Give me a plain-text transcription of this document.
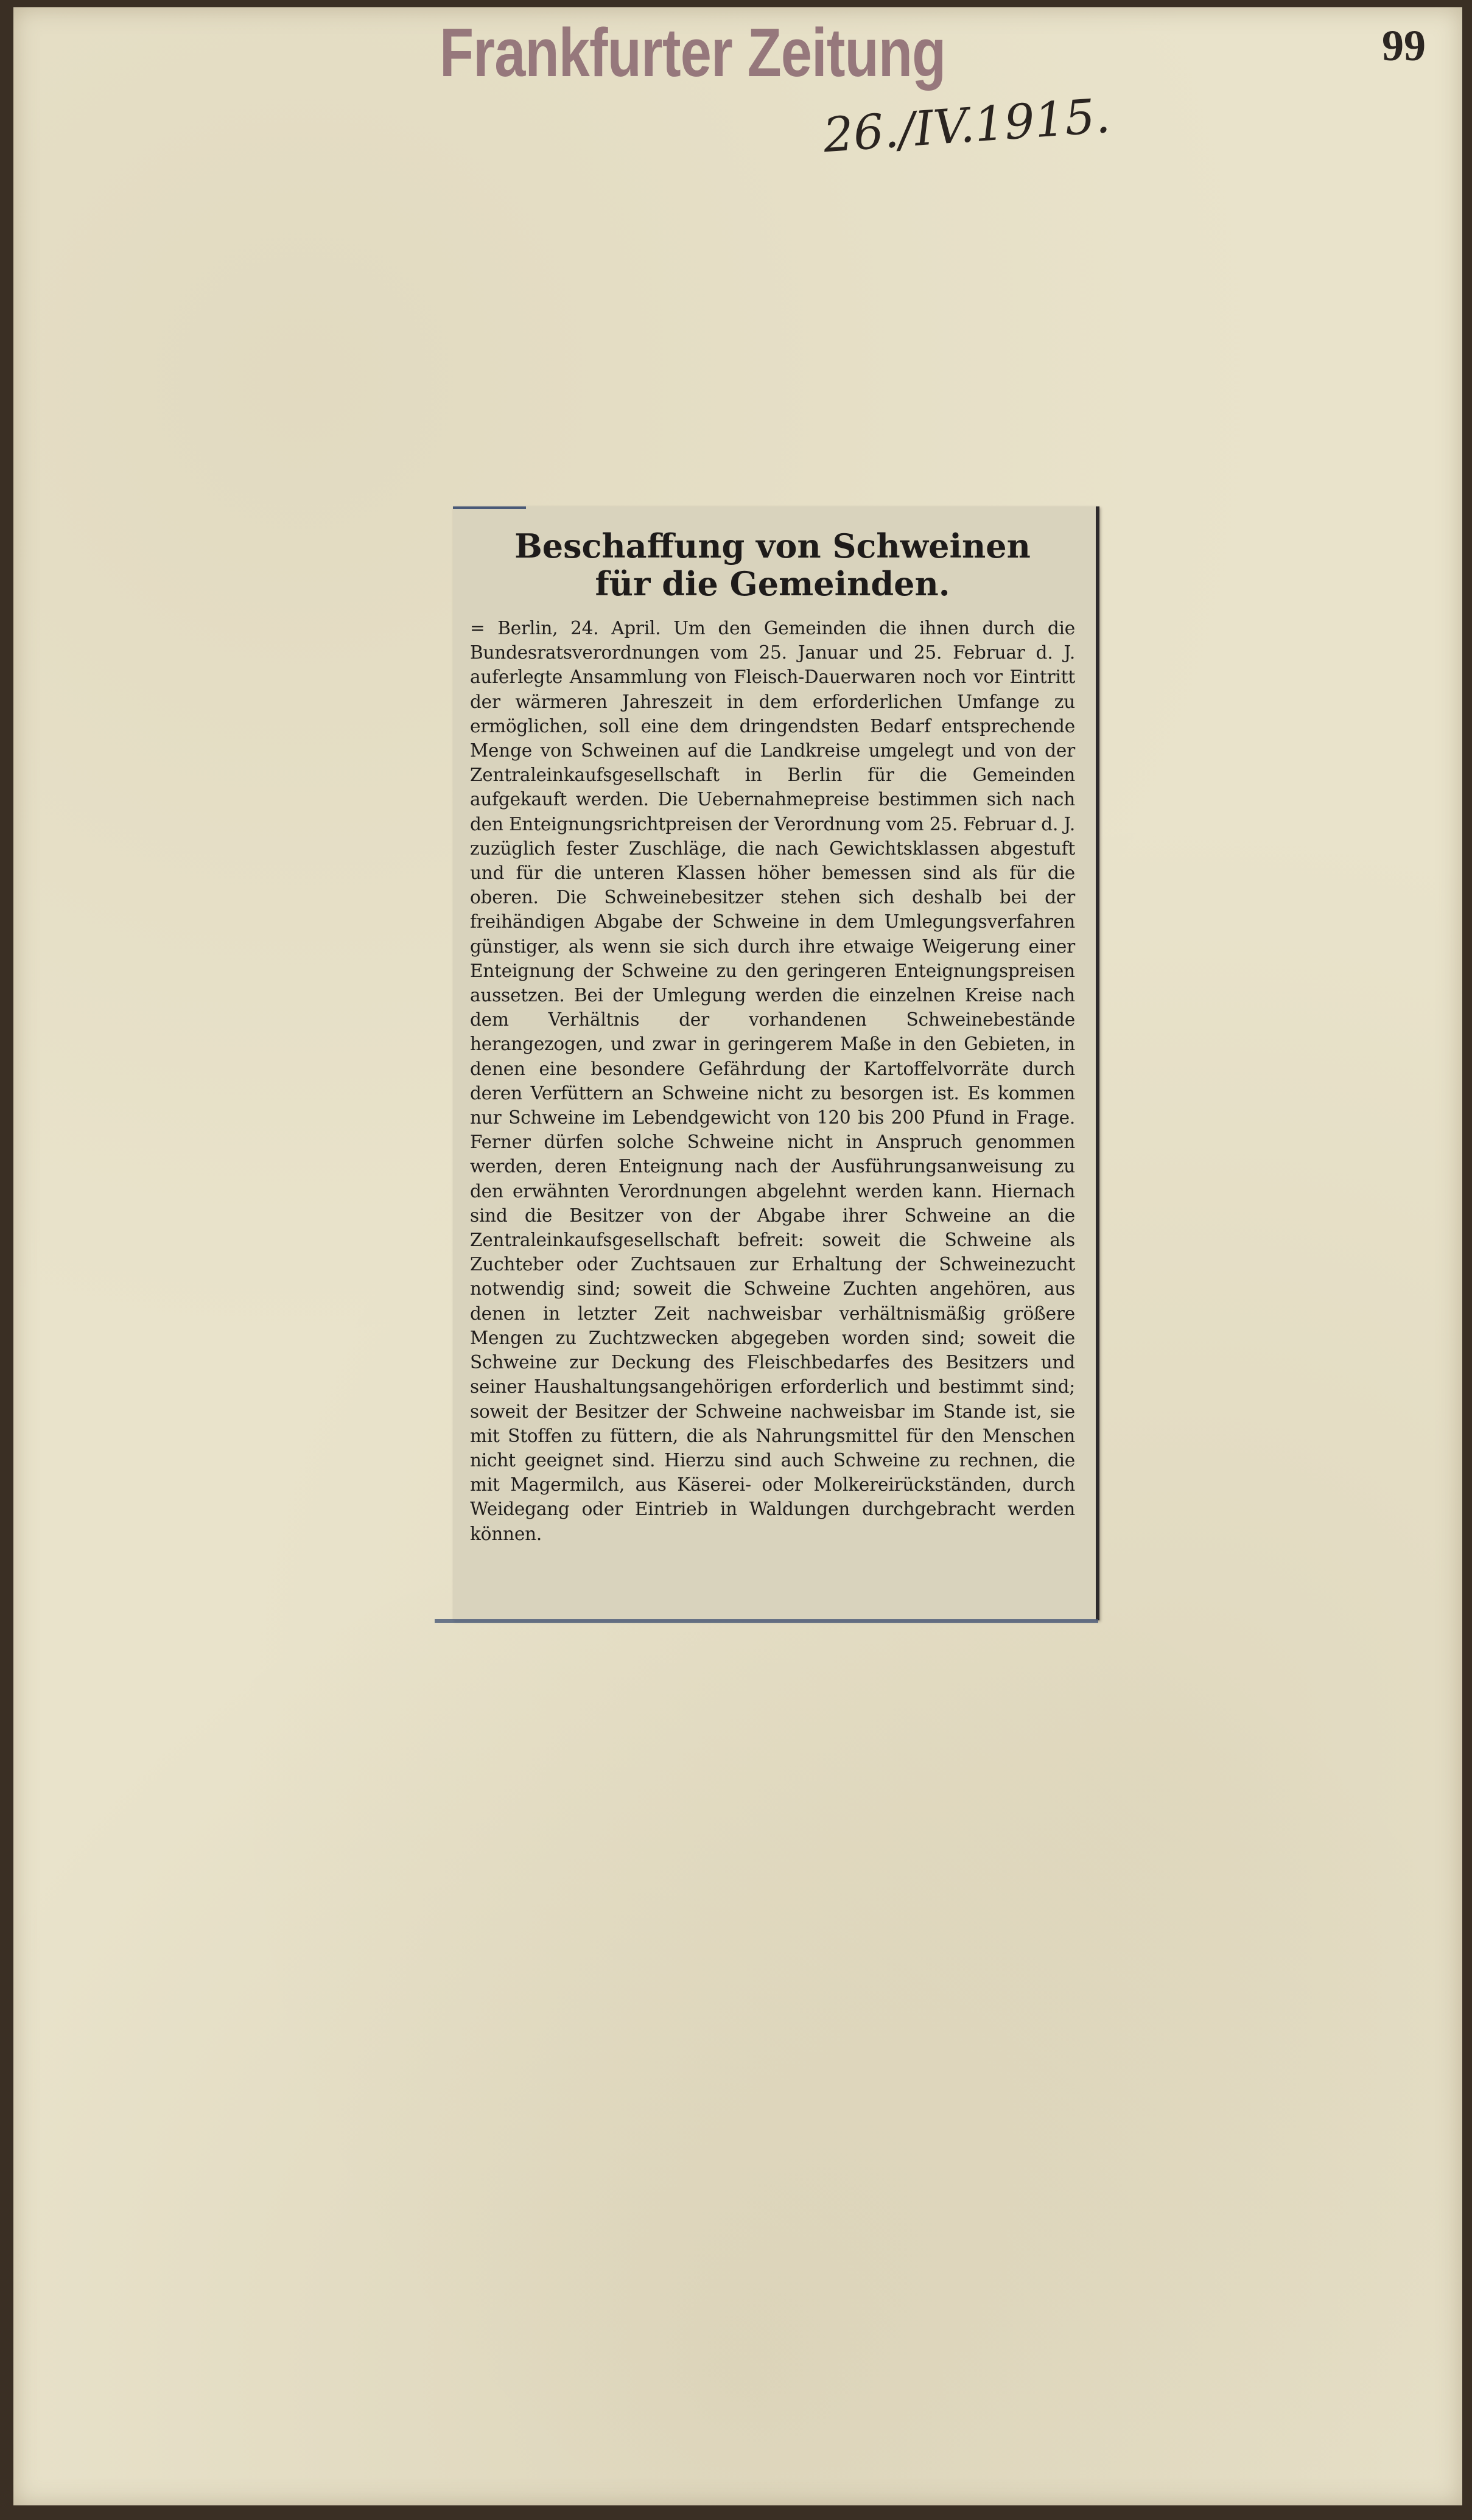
Frankfurter Zeitung	99
26./IV.1915.
Beschaffung von Schweinen
für die Gemeinden.
= Berlin, 24. April. Um den Gemeinden die ihnen durch die Bundesratsverordnungen vom 25. Januar und 25. Februar d. J. auferlegte Ansammlung von Fleisch-Dauerwaren noch vor Eintritt der wärmeren Jahreszeit in dem erforderlichen Umfange zu ermöglichen, soll eine dem dringendsten Bedarf entsprechende Menge von Schweinen auf die Landkreise umgelegt und von der Zentraleinkaufsgesellschaft in Berlin für die Gemeinden aufgekauft werden. Die Uebernahmepreise bestimmen sich nach den Enteignungsrichtpreisen der Verordnung vom 25. Februar d. J. zuzüglich fester Zuschläge, die nach Gewichtsklassen abgestuft und für die unteren Klassen höher bemessen sind als für die oberen. Die Schweinebesitzer stehen sich deshalb bei der freihändigen Abgabe der Schweine in dem Umlegungsverfahren günstiger, als wenn sie sich durch ihre etwaige Weigerung einer Enteignung der Schweine zu den geringeren Enteignungspreisen aussetzen. Bei der Umlegung werden die einzelnen Kreise nach dem Verhältnis der vorhandenen Schweinebestände herangezogen, und zwar in geringerem Maße in den Gebieten, in denen eine besondere Gefährdung der Kartoffelvorräte durch deren Verfüttern an Schweine nicht zu besorgen ist. Es kommen nur Schweine im Lebendgewicht von 120 bis 200 Pfund in Frage. Ferner dürfen solche Schweine nicht in Anspruch genommen werden, deren Enteignung nach der Ausführungsanweisung zu den erwähnten Verordnungen abgelehnt werden kann. Hiernach sind die Besitzer von der Abgabe ihrer Schweine an die Zentraleinkaufsgesellschaft befreit: soweit die Schweine als Zuchteber oder Zuchtsauen zur Erhaltung der Schweinezucht notwendig sind; soweit die Schweine Zuchten angehören, aus denen in letzter Zeit nachweisbar verhältnismäßig größere Mengen zu Zuchtzwecken abgegeben worden sind; soweit die Schweine zur Deckung des Fleischbedarfes des Besitzers und seiner Haushaltungsangehörigen erforderlich und bestimmt sind; soweit der Besitzer der Schweine nachweisbar im Stande ist, sie mit Stoffen zu füttern, die als Nahrungsmittel für den Menschen nicht geeignet sind. Hierzu sind auch Schweine zu rechnen, die mit Magermilch, aus Käserei- oder Molkereirückständen, durch Weidegang oder Eintrieb in Waldungen durchgebracht werden können.
